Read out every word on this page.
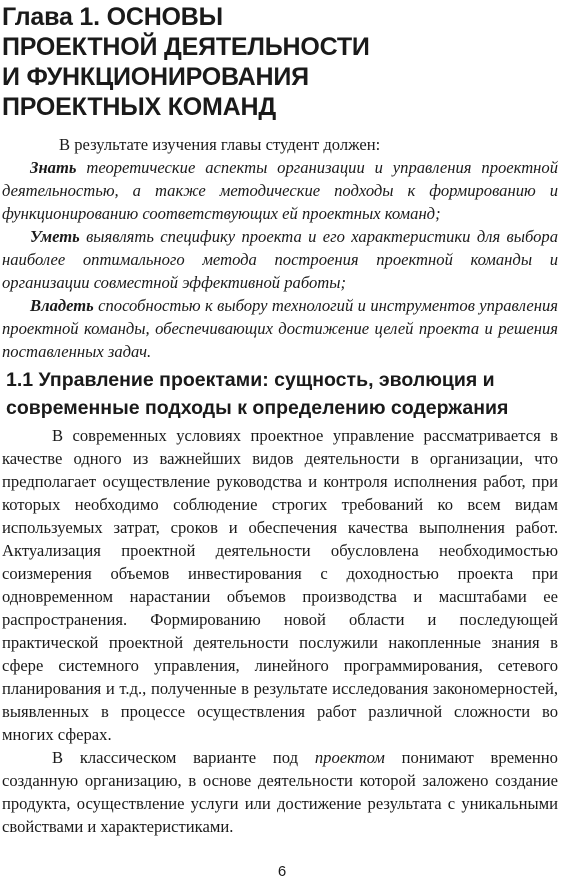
Глава 1. ОСНОВЫ
ПРОЕКТНОЙ ДЕЯТЕЛЬНОСТИ
И ФУНКЦИОНИРОВАНИЯ
ПРОЕКТНЫХ КОМАНД

В результате изучения главы студент должен:

Знать теоретические аспекты организации и управления проектной деятельностью, а также методические подходы к формированию и функционированию соответствующих ей проектных команд;

Уметь выявлять специфику проекта и его характеристики для выбора наиболее оптимального метода построения проектной команды и организации совместной эффективной работы;

Владеть способностью к выбору технологий и инструментов управления проектной команды, обеспечивающих достижение целей проекта и решения поставленных задач.

1.1 Управление проектами: сущность, эволюция и
современные подходы к определению содержания

В современных условиях проектное управление рассматривается в качестве одного из важнейших видов деятельности в организации, что предполагает осуществление руководства и контроля исполнения работ, при которых необходимо соблюдение строгих требований ко всем видам используемых затрат, сроков и обеспечения качества выполнения работ. Актуализация проектной деятельности обусловлена необходимостью соизмерения объемов инвестирования с доходностью проекта при одновременном нарастании объемов производства и масштабами ее распространения. Формированию новой области и последующей практической проектной деятельности послужили накопленные знания в сфере системного управления, линейного программирования, сетевого планирования и т.д., полученные в результате исследования закономерностей, выявленных в процессе осуществления работ различной сложности во многих сферах.

В классическом варианте под проектом понимают временно созданную организацию, в основе деятельности которой заложено создание продукта, осуществление услуги или достижение результата с уникальными свойствами и характеристиками.

6
